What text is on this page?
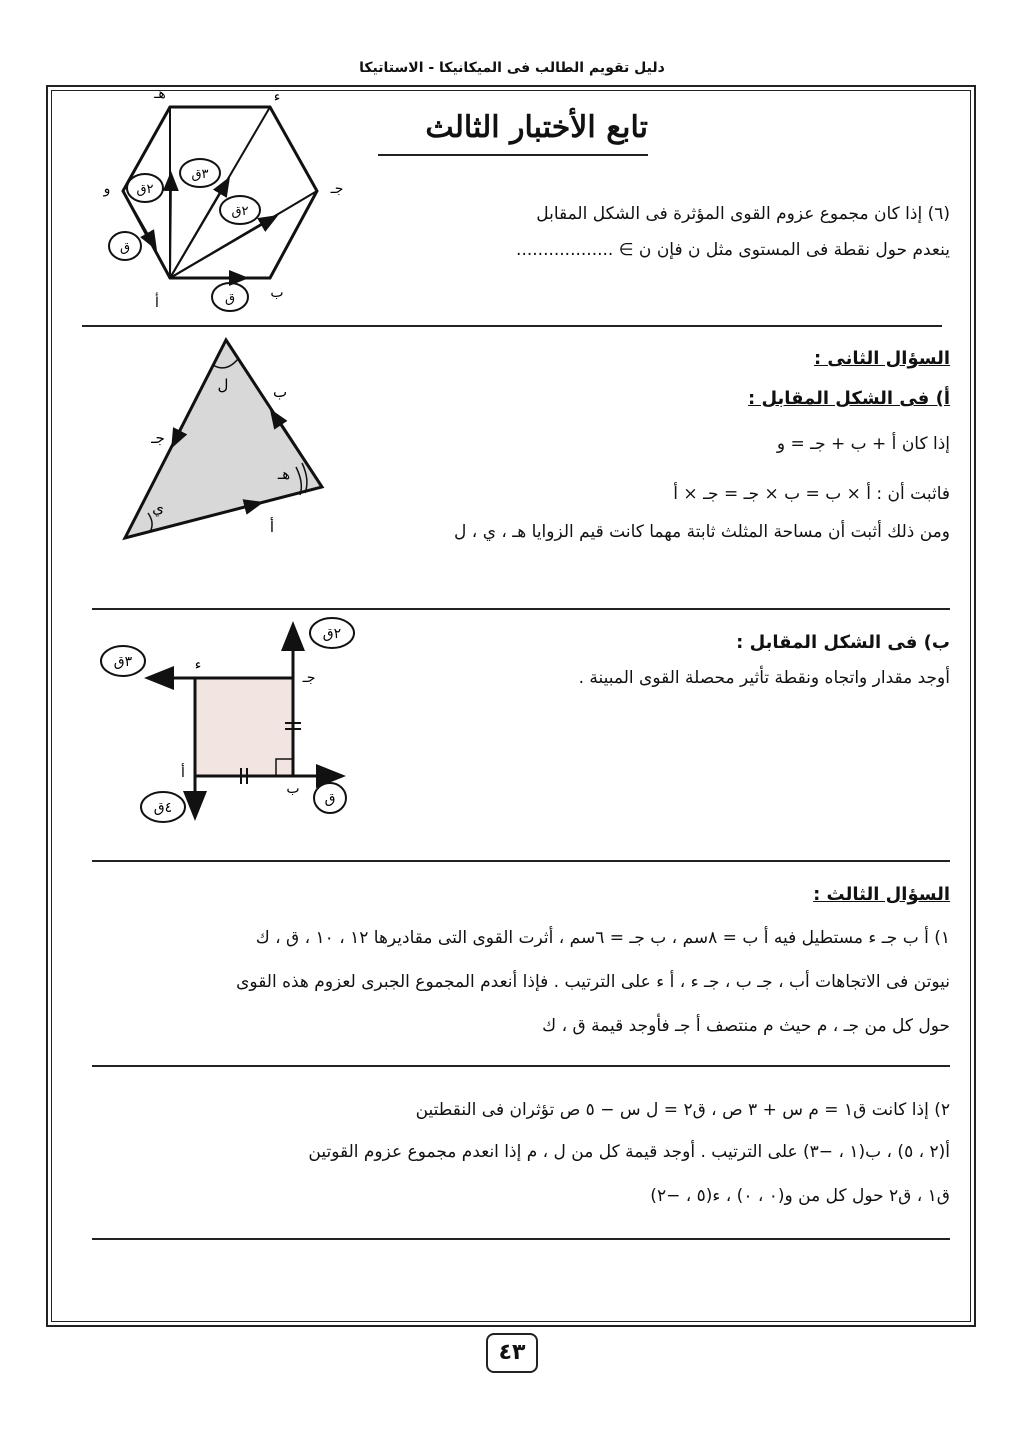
دليل تقويم الطالب فى الميكانيكا - الاستاتيكا
تابع الأختبار الثالث
(٦) إذا كان مجموع عزوم القوى المؤثرة فى الشكل المقابل
ينعدم حول نقطة فى المستوى مثل ن فإن ن ∋ ..................
هـ	ﺀ
و	جـ
ب
ﺃ
ق
٢ق
٣ق
٢ق
ق
السؤال الثانى :
أ) فى الشكل المقابل :
إذا كان أ + ب + جـ = و
فاثبت أن : أ × ب = ب × جـ = جـ × أ
ومن ذلك أثبت أن مساحة المثلث ثابتة مهما كانت قيم الزوايا هـ ، ي ، ل
ب
جـ
أ
ل
هـ
ي
ب) فى الشكل المقابل :
أوجد مقدار واتجاه ونقطة تأثير محصلة القوى المبينة .
٢ق
٣ق
٤ق
ق
ﺀ
جـ
أ
ب
السؤال الثالث :
١) أ ب جـ ﺀ مستطيل فيه أ ب = ٨سم ، ب جـ = ٦سم ، أثرت القوى التى مقاديرها ١٢ ، ١٠ ، ق ، ك
نيوتن فى الاتجاهات أب ، جـ ب ، جـ ﺀ ، أ ﺀ على الترتيب . فإذا أنعدم المجموع الجبرى لعزوم هذه القوى
حول كل من جـ ، م حيث م منتصف أ جـ فأوجد قيمة ق ، ك
٢) إذا كانت ق١ = م س + ٣ ص ، ق٢ = ل س − ٥ ص تؤثران فى النقطتين
أ(٢ ، ٥) ، ب(١ ، −٣) على الترتيب . أوجد قيمة كل من ل ، م إذا انعدم مجموع عزوم القوتين
ق١ ، ق٢ حول كل من و(٠ ، ٠) ، ﺀ(٥ ، −٢)
٤٣
